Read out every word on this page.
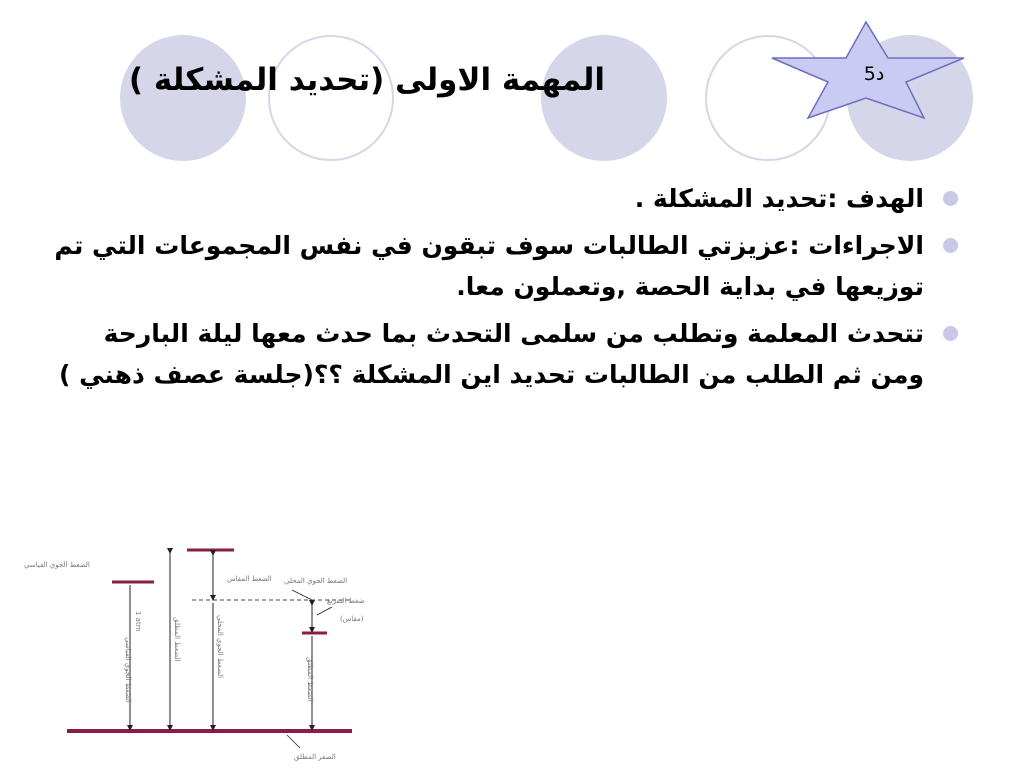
5د
المهمة الاولى (تحديد المشكلة )
الهدف :تحديد المشكلة .
الاجراءات :عزيزتي الطالبات سوف تبقون في نفس المجموعات التي تم توزيعها في بداية الحصة ,وتعملون معا.
تتحدث المعلمة وتطلب من سلمى التحدث بما حدث معها ليلة البارحة ومن ثم الطلب من الطالبات تحديد اين المشكلة ؟؟(جلسة عصف ذهني )
الضغط الجوي القياسي
الضغط المقاس الضغط الجوي المحلي
ضغط التفريغ
(مقاس)
الصفر المطلق
1 atm
الضغط الجوي القياسي	الضغط المطلق	الضغط الجوي المحلي
الضغط المطلق
